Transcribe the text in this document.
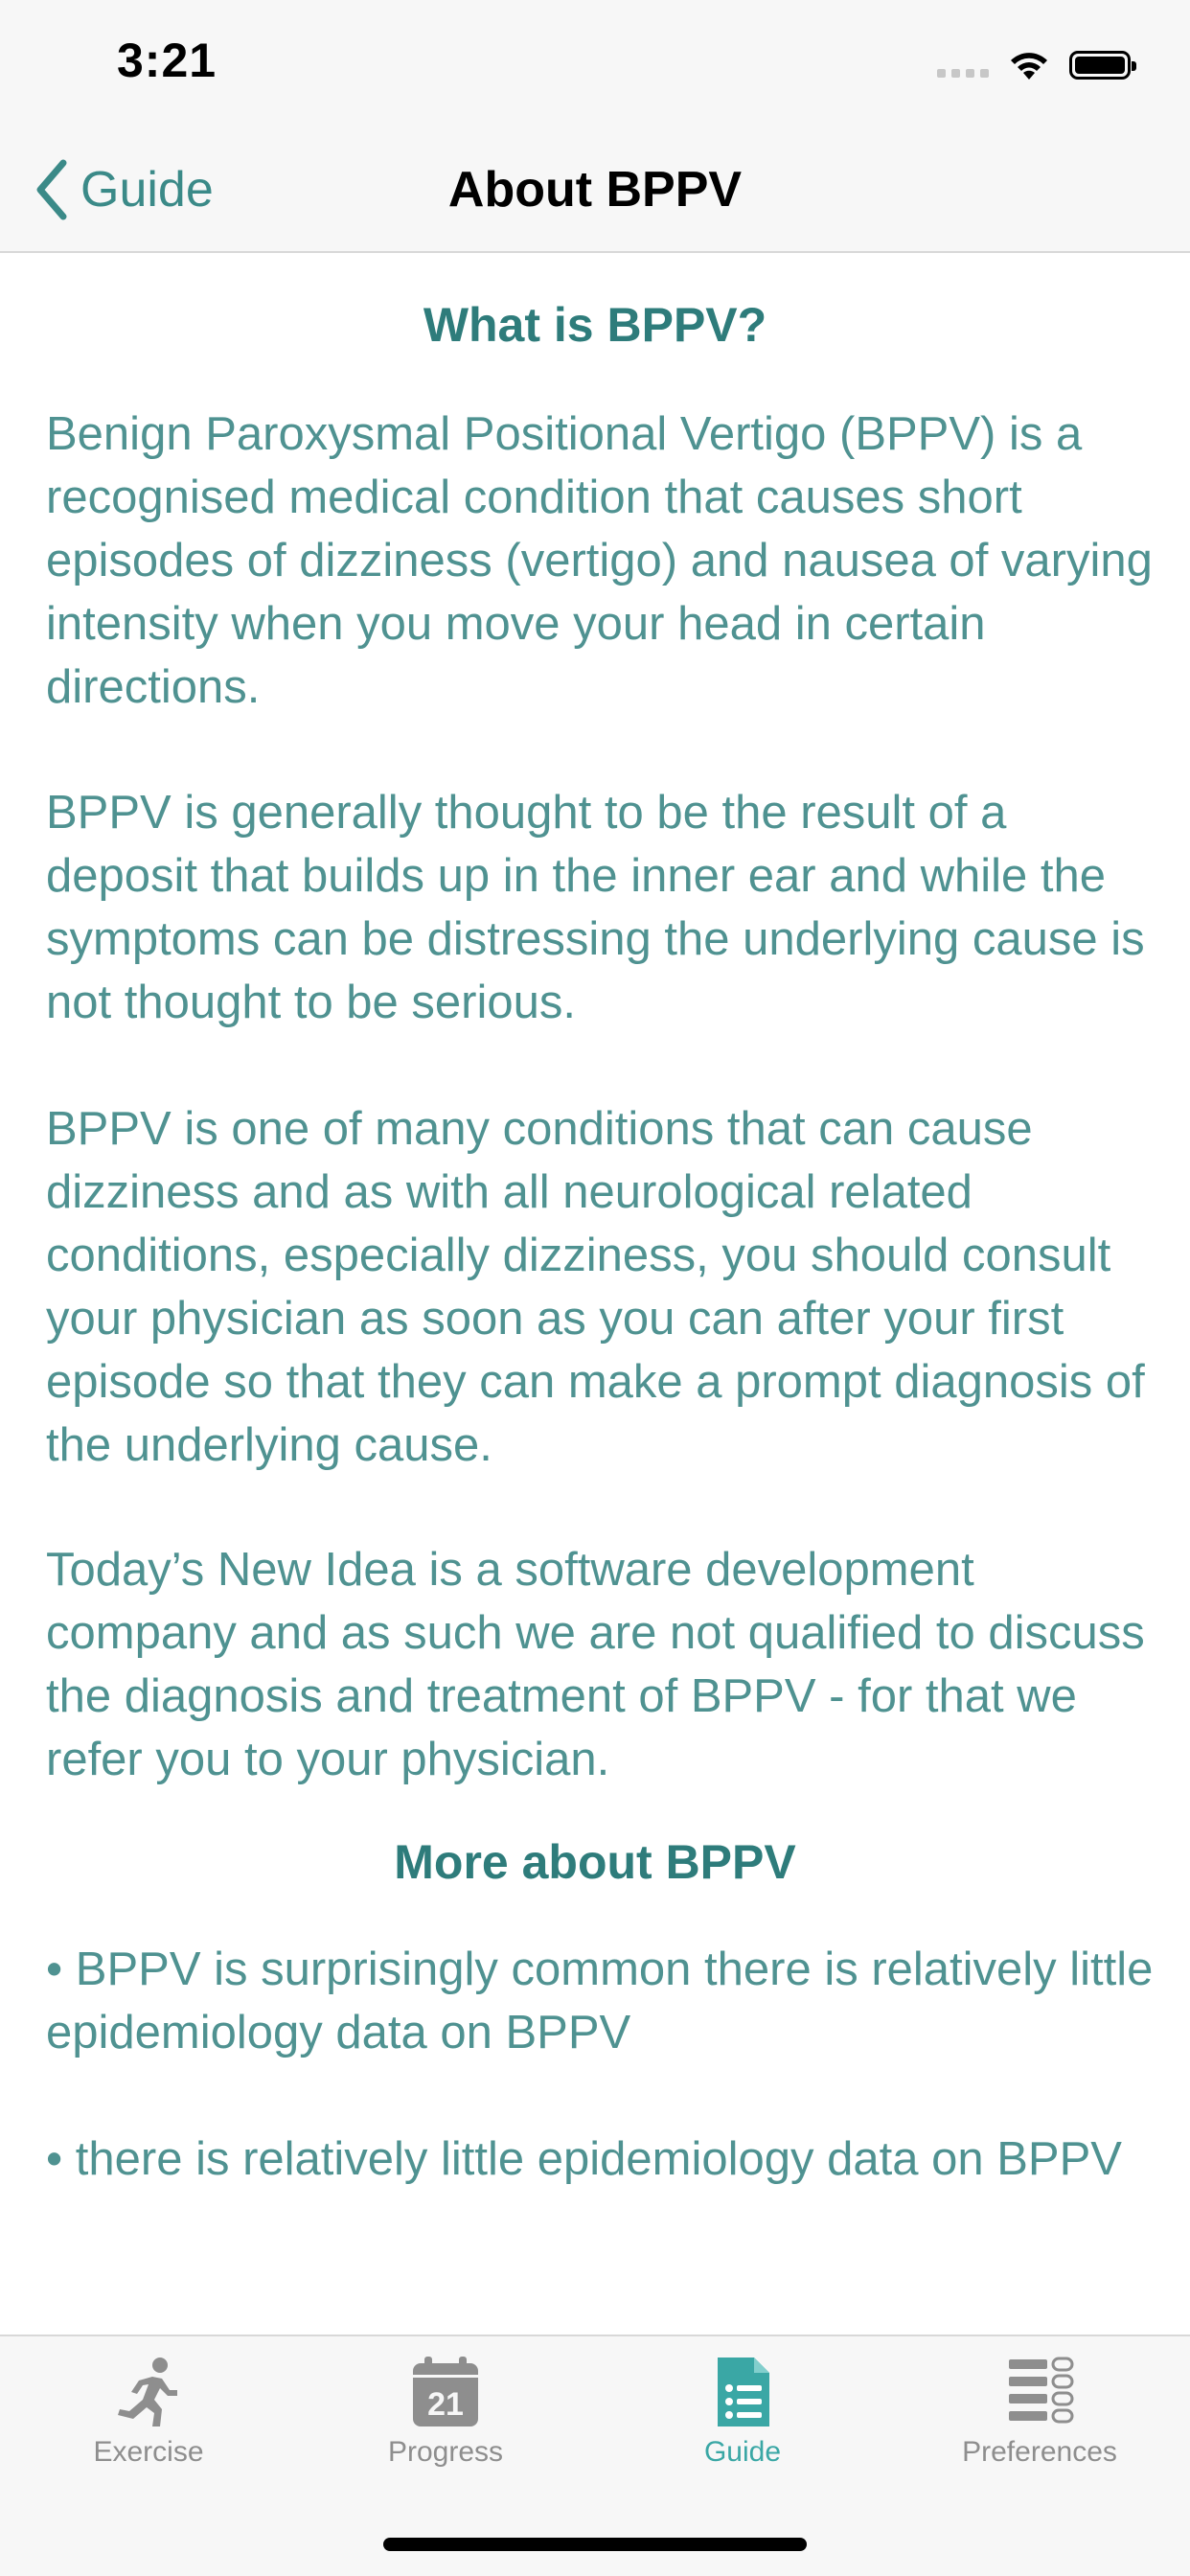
3:21
Guide	About BPPV
What is BPPV?

Benign Paroxysmal Positional Vertigo (BPPV) is a recognised medical condition that causes short episodes of dizziness (vertigo) and nausea of varying intensity when you move your head in certain directions.

BPPV is generally thought to be the result of a deposit that builds up in the inner ear and while the symptoms can be distressing the underlying cause is not thought to be serious.

BPPV is one of many conditions that can cause dizziness and as with all neurological related conditions, especially dizziness, you should consult your physician as soon as you can after your first episode so that they can make a prompt diagnosis of the underlying cause.

Today’s New Idea is a software development company and as such we are not qualified to discuss the diagnosis and treatment of BPPV - for that we refer you to your physician.

More about BPPV

• BPPV is surprisingly common there is relatively little epidemiology data on BPPV

• there is relatively little epidemiology data on BPPV

Exercise
21
Progress	Guide	Preferences
